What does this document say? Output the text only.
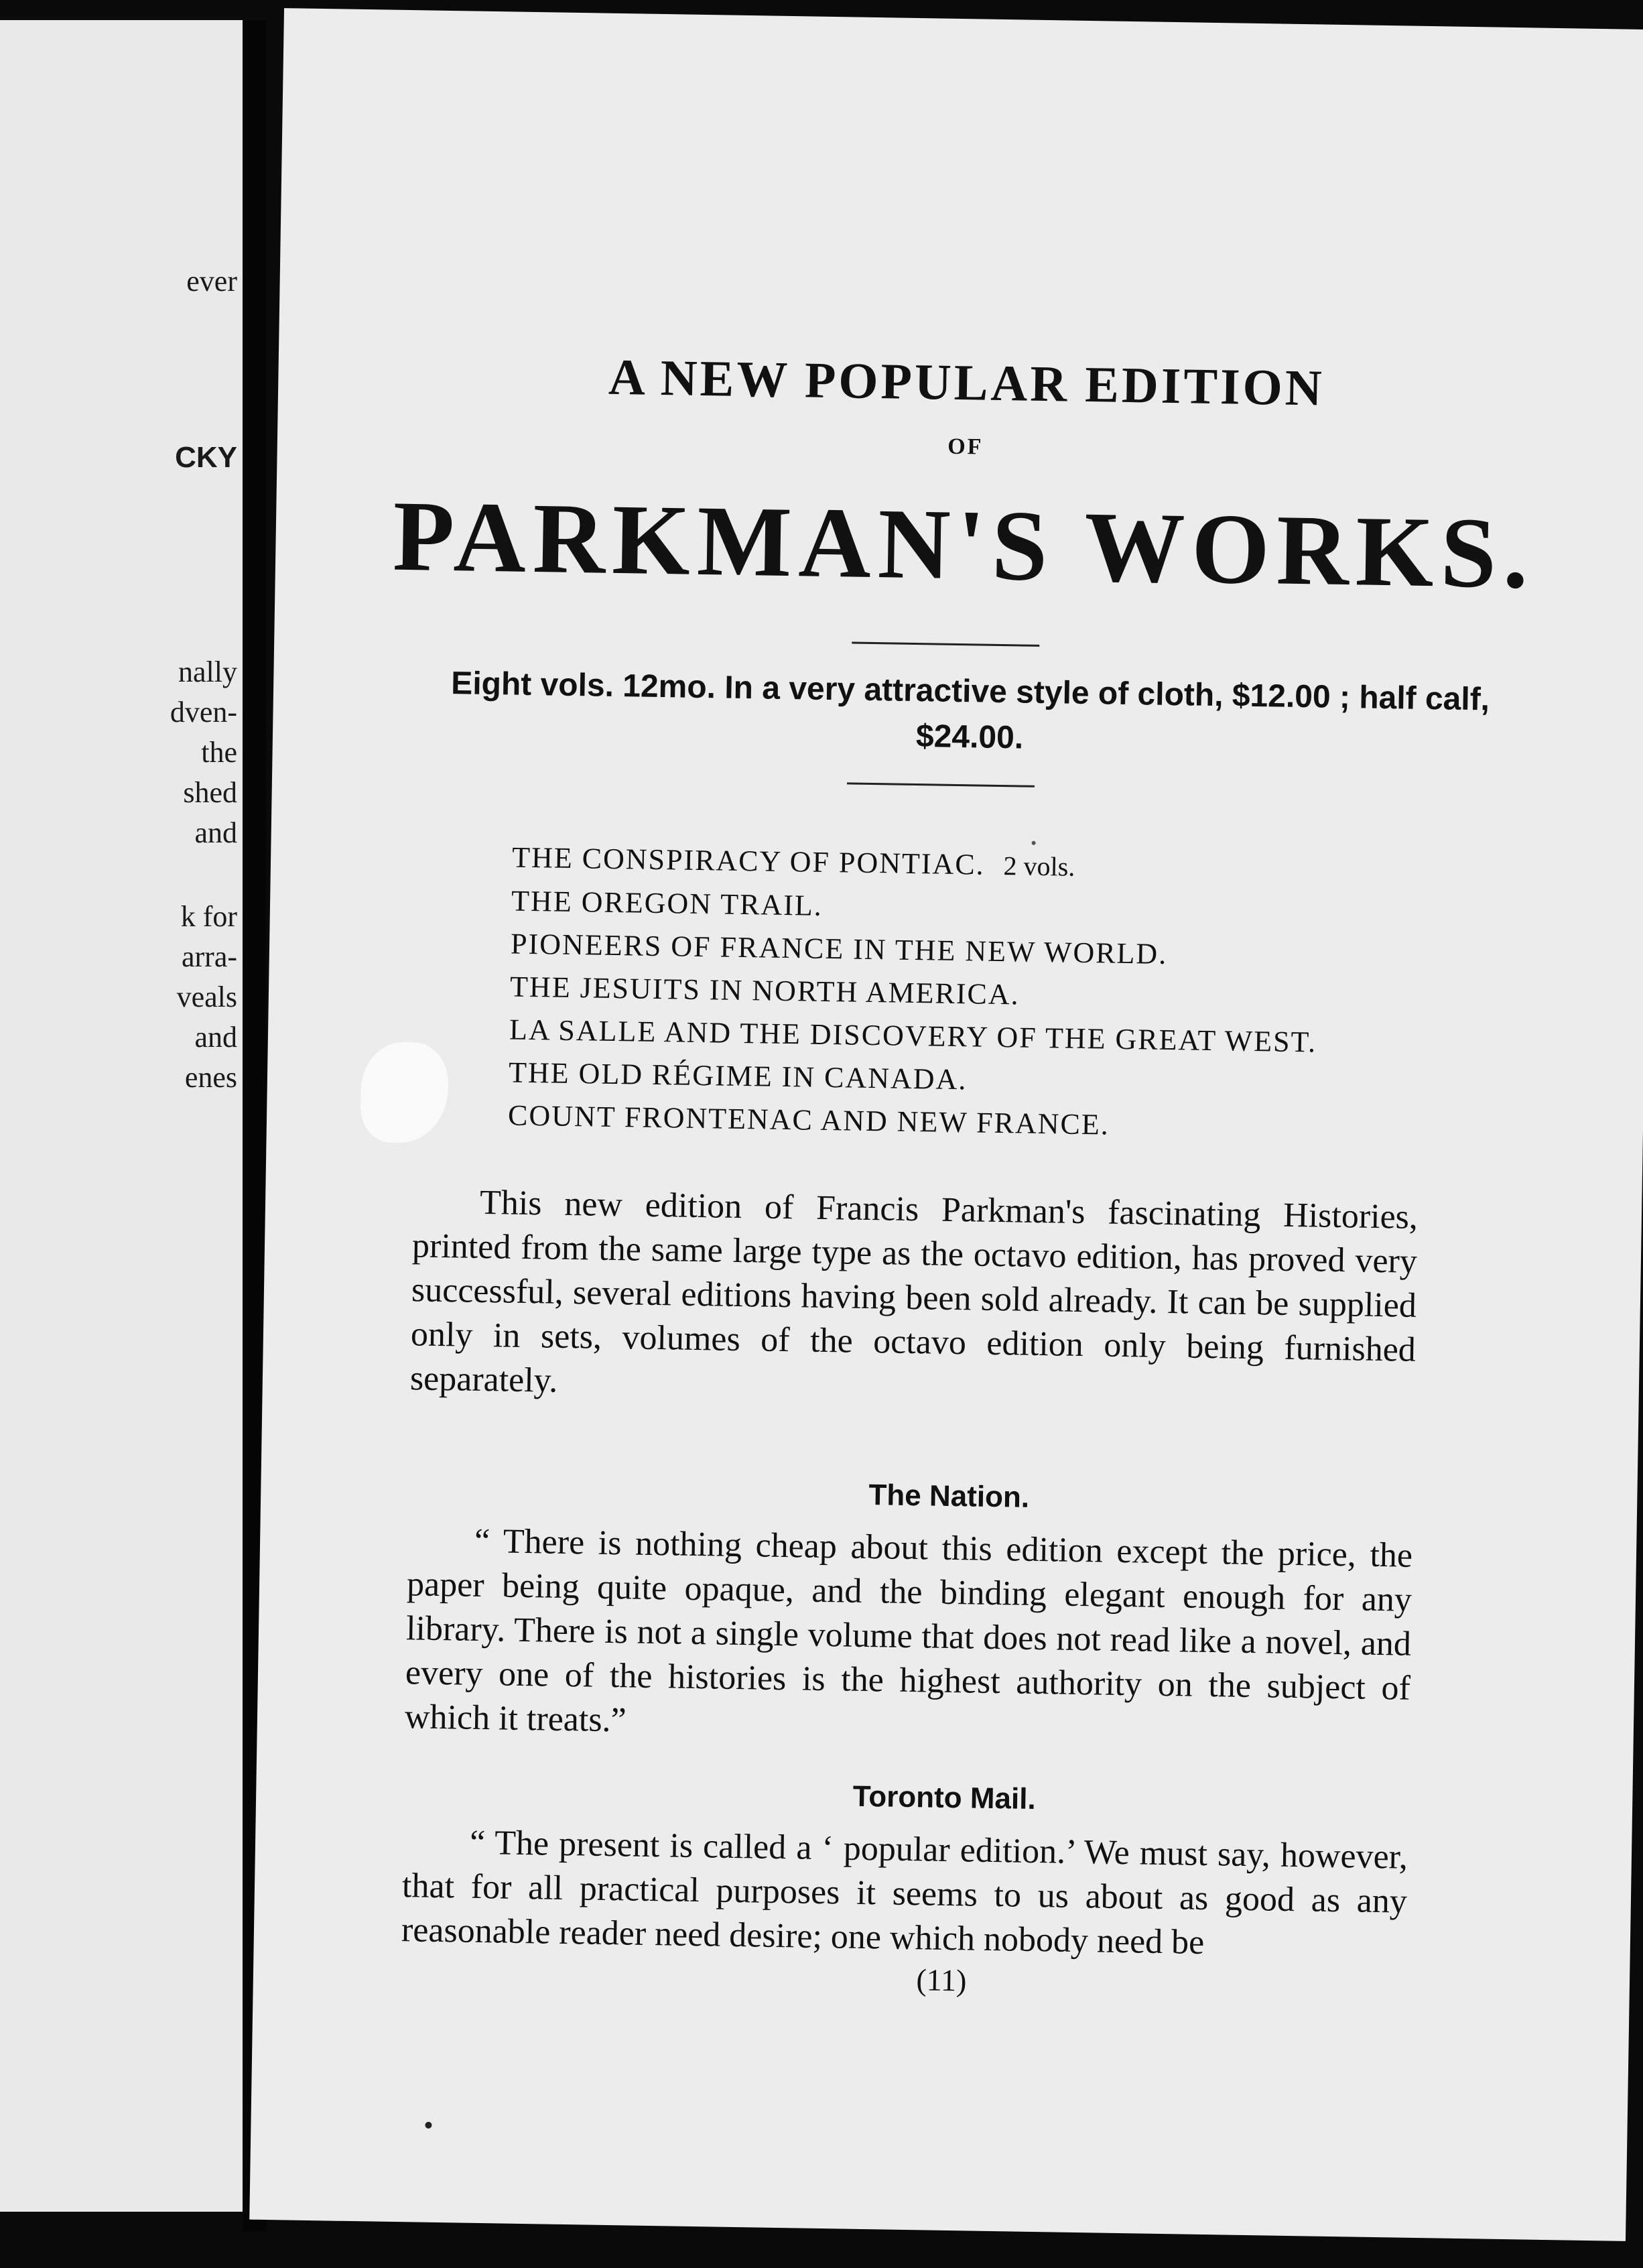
ever
CKY
nally
dven-
the
shed
and
k for
arra-
veals
and
enes
A NEW POPULAR EDITION
OF
PARKMAN'S WORKS.
Eight vols. 12mo. In a very attractive style of cloth, $12.00 ; half calf, $24.00.
THE CONSPIRACY OF PONTIAC. 2 vols.
THE OREGON TRAIL.
PIONEERS OF FRANCE IN THE NEW WORLD.
THE JESUITS IN NORTH AMERICA.
LA SALLE AND THE DISCOVERY OF THE GREAT WEST.
THE OLD RÉGIME IN CANADA.
COUNT FRONTENAC AND NEW FRANCE.

This new edition of Francis Parkman's fascinating Histories, printed from the same large type as the octavo edition, has proved very successful, several editions having been sold already. It can be supplied only in sets, volumes of the octavo edition only being furnished separately.

The Nation.

“ There is nothing cheap about this edition except the price, the paper being quite opaque, and the binding elegant enough for any library. There is not a single volume that does not read like a novel, and every one of the histories is the highest authority on the subject of which it treats.”

Toronto Mail.

“ The present is called a ‘ popular edition.’ We must say, however, that for all practical purposes it seems to us about as good as any reasonable reader need desire; one which nobody need be

(11)
